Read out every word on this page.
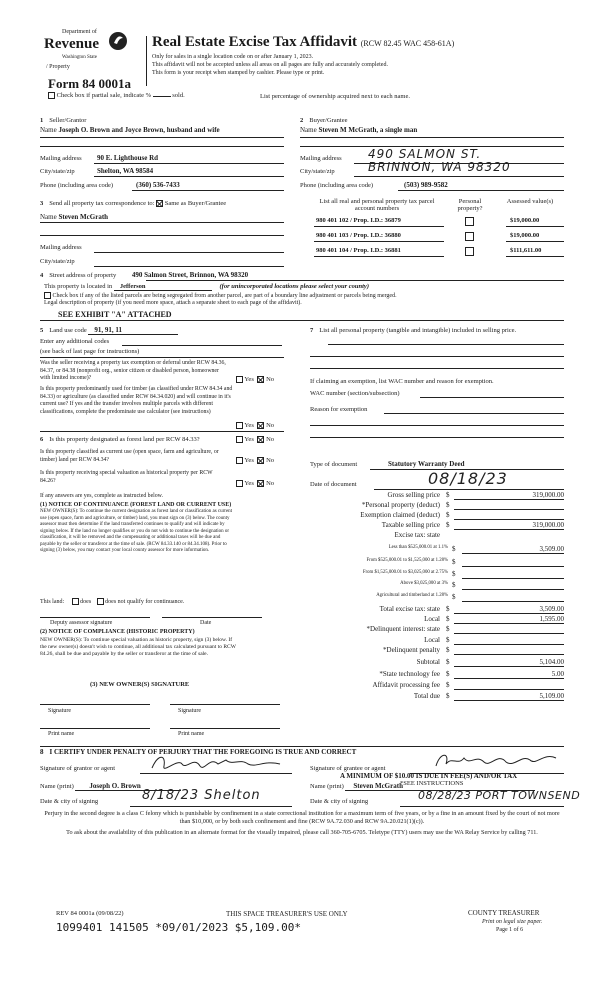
Department of
Revenue
Washington State
/ Property
Form 84 0001a
Check box if partial sale, indicate %	sold.	List percentage of ownership acquired next to each name.
Real Estate Excise Tax Affidavit (RCW 82.45 WAC 458-61A)
Only for sales in a single location code on or after January 1, 2023.
This affidavit will not be accepted unless all areas on all pages are fully and accurately completed.
This form is your receipt when stamped by cashier. Please type or print.
1 Seller/Grantor
Name Joseph O. Brown and Joyce Brown, husband and wife
Mailing address 90 E. Lighthouse Rd
City/state/zip	Shelton, WA 98584
Phone (including area code)	(360) 536-7433
2 Buyer/Grantee
Name Steven M McGrath, a single man
Mailing address 490 SALMON ST.
City/state/zip	BRINNON, WA 98320
Phone (including area code)	(503) 989-9582
3 Send all property tax correspondence to: Same as Buyer/Grantee
Name Steven McGrath
Mailing address
City/state/zip
List all real and personal property tax parcel account numbers
Personal property?
Assessed value(s)
980 401 102 / Prop. I.D.: 36879	$19,000.00
980 401 103 / Prop. I.D.: 36880	$19,000.00
980 401 104 / Prop. I.D.: 36881	$111,611.00
4 Street address of property 490 Salmon Street, Brinnon, WA 98320
This property is located in Jefferson	(for unincorporated locations please select your county)
Check box if any of the listed parcels are being segregated from another parcel, are part of a boundary line adjustment or parcels being merged.
Legal description of property (if you need more space, attach a separate sheet to each page of the affidavit).
SEE EXHIBIT "A" ATTACHED
5 Land use code 91, 91, 11
Enter any additional codes
(see back of last page for instructions)
Was the seller receiving a property tax exemption or deferral under RCW 84.36, 84.37, or 84.38 (nonprofit org., senior citizen or disabled person, homeowner with limited income)?	Yes No
Is this property predominantly used for timber (as classified under RCW 84.34 and 84.33) or agriculture (as classified under RCW 84.34.020) and will continue in it's current use? If yes and the transfer involves multiple parcels with different classifications, complete the predominate use calculator (see instructions)
Yes No
6 Is this property designated as forest land per RCW 84.33?	Yes No
Is this property classified as current use (open space, farm and agriculture, or timber) land per RCW 84.34?	Yes No
Is this property receiving special valuation as historical property per RCW 84.26?	Yes No
If any answers are yes, complete as instructed below.
(1) NOTICE OF CONTINUANCE (FOREST LAND OR CURRENT USE)
NEW OWNER(S): To continue the current designation as forest land or classification as current use (open space, farm and agriculture, or timber) land, you must sign on (3) below. The county assessor must then determine if the land transferred continues to qualify and will indicate by signing below. If the land no longer qualifies or you do not wish to continue the designation or classification, it will be removed and the compensating or additional taxes will be due and payable by the seller or transferor at the time of sale. (RCW 84.33.140 or 84.34.108). Prior to signing (3) below, you may contact your local county assessor for more information.
This land:	does does not qualify for continuance.
Deputy assessor signature	Date
(2) NOTICE OF COMPLIANCE (HISTORIC PROPERTY)
NEW OWNER(S): To continue special valuation as historic property, sign (3) below. If the new owner(s) doesn't wish to continue, all additional tax calculated pursuant to RCW 84.26, shall be due and payable by the seller or transferor at the time of sale.
(3) NEW OWNER(S) SIGNATURE
Signature	Signature
Print name	Print name
7 List all personal property (tangible and intangible) included in selling price.
If claiming an exemption, list WAC number and reason for exemption.
WAC number (section/subsection)
Reason for exemption
Type of document	Statutory Warranty Deed
Date of document	08/18/23
Gross selling price $	319,000.00
*Personal property (deduct) $
Exemption claimed (deduct) $
Taxable selling price $	319,000.00
Excise tax: state
Less than $525,000.01 at 1.1% $	3,509.00
From $525,000.01 to $1,525,000 at 1.28% $
From $1,525,000.01 to $3,025,000 at 2.75% $
Above $3,025,000 at 3% $
Agricultural and timberland at 1.28% $
Total excise tax: state $	3,509.00
Local $	1,595.00
*Delinquent interest: state $
Local $
*Delinquent penalty $
Subtotal $	5,104.00
*State technology fee $	5.00
Affidavit processing fee $
Total due $	5,109.00
A MINIMUM OF $10.00 IS DUE IN FEE(S) AND/OR TAX
*SEE INSTRUCTIONS
8 I CERTIFY UNDER PENALTY OF PERJURY THAT THE FOREGOING IS TRUE AND CORRECT
Signature of grantor or agent	Signature of grantee or agent
Name (print) Joseph O. Brown	Name (print) Steven McGrath
Date & city of signing	8/18/23 Shelton	Date & city of signing	08/28/23 PORT TOWNSEND
Perjury in the second degree is a class C felony which is punishable by confinement in a state correctional institution for a maximum term of five years, or by a fine in an amount fixed by the court of not more than $10,000, or by both such confinement and fine (RCW 9A.72.030 and RCW 9A.20.021(1)(c)).
To ask about the availability of this publication in an alternate format for the visually impaired, please call 360-705-6705. Teletype (TTY) users may use the WA Relay Service by calling 711.
REV 84 0001a (09/08/22)	THIS SPACE TREASURER'S USE ONLY
1099401 141505 *09/01/2023 $5,109.00*
COUNTY TREASURER
Print on legal size paper.
Page 1 of 6
